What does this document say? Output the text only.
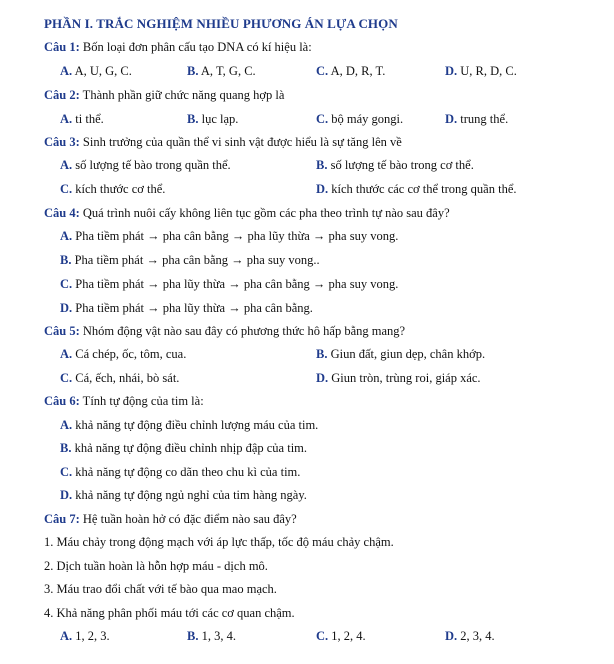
PHẦN I. TRẮC NGHIỆM NHIỀU PHƯƠNG ÁN LỰA CHỌN
Câu 1: Bốn loại đơn phân cấu tạo DNA có kí hiệu là:
A. A, U, G, C.	B. A, T, G, C.	C. A, D, R, T.	D. U, R, D, C.
Câu 2: Thành phần giữ chức năng quang hợp là
A. ti thể.	B. lục lạp.	C. bộ máy gongi.	D. trung thể.
Câu 3: Sinh trưởng của quần thể vi sinh vật được hiểu là sự tăng lên về
A. số lượng tế bào trong quần thể.	B. số lượng tế bào trong cơ thể.
C. kích thước cơ thể.	D. kích thước các cơ thể trong quần thể.
Câu 4: Quá trình nuôi cấy không liên tục gồm các pha theo trình tự nào sau đây?
A. Pha tiềm phát → pha cân bằng → pha lũy thừa → pha suy vong.
B. Pha tiềm phát → pha cân bằng → pha suy vong..
C. Pha tiềm phát → pha lũy thừa → pha cân bằng → pha suy vong.
D. Pha tiềm phát → pha lũy thừa → pha cân bằng.
Câu 5: Nhóm động vật nào sau đây có phương thức hô hấp bằng mang?
A. Cá chép, ốc, tôm, cua.	B. Giun đất, giun dẹp, chân khớp.
C. Cá, ếch, nhái, bò sát.	D. Giun tròn, trùng roi, giáp xác.
Câu 6: Tính tự động của tim là:
A. khả năng tự động điều chỉnh lượng máu của tim.
B. khả năng tự động điều chỉnh nhịp đập của tim.
C. khả năng tự động co dãn theo chu kì của tim.
D. khả năng tự động ngủ nghỉ của tim hàng ngày.
Câu 7: Hệ tuần hoàn hở có đặc điểm nào sau đây?
1. Máu chảy trong động mạch với áp lực thấp, tốc độ máu chảy chậm.
2. Dịch tuần hoàn là hỗn hợp máu - dịch mô.
3. Máu trao đổi chất với tế bào qua mao mạch.
4. Khả năng phân phối máu tới các cơ quan chậm.
A. 1, 2, 3.	B. 1, 3, 4.	C. 1, 2, 4.	D. 2, 3, 4.
